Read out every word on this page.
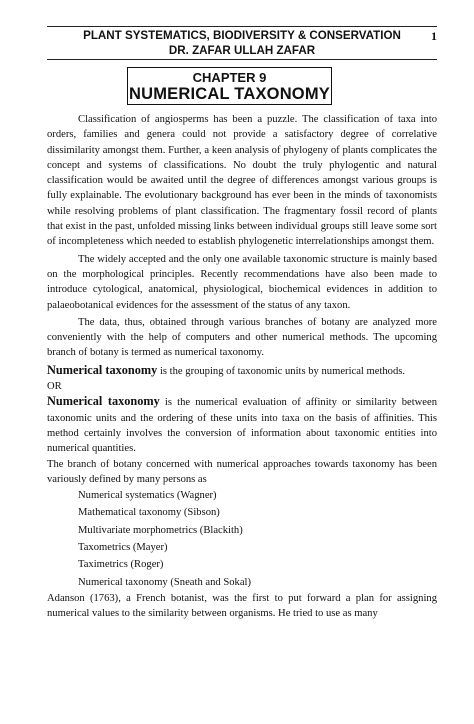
PLANT SYSTEMATICS, BIODIVERSITY & CONSERVATION
DR. ZAFAR ULLAH ZAFAR
1
CHAPTER 9
NUMERICAL TAXONOMY

Classification of angiosperms has been a puzzle. The classification of taxa into orders, families and genera could not provide a satisfactory degree of correlative dissimilarity amongst them. Further, a keen analysis of phylogeny of plants complicates the concept and systems of classifications. No doubt the truly phylogentic and natural classification would be awaited until the degree of differences amongst various groups is fully explainable. The evolutionary background has ever been in the minds of taxonomists while resolving problems of plant classification. The fragmentary fossil record of plants that exist in the past, unfolded missing links between individual groups still leave some sort of incompleteness which needed to establish phylogenetic interrelationships amongst them.

The widely accepted and the only one available taxonomic structure is mainly based on the morphological principles. Recently recommendations have also been made to introduce cytological, anatomical, physiological, biochemical evidences in addition to palaeobotanical evidences for the assessment of the status of any taxon.

The data, thus, obtained through various branches of botany are analyzed more conveniently with the help of computers and other numerical methods. The upcoming branch of botany is termed as numerical taxonomy.

Numerical taxonomy is the grouping of taxonomic units by numerical methods.

OR

Numerical taxonomy is the numerical evaluation of affinity or similarity between taxonomic units and the ordering of these units into taxa on the basis of affinities. This method certainly involves the conversion of information about taxonomic entities into numerical quantities.

The branch of botany concerned with numerical approaches towards taxonomy has been variously defined by many persons as

Numerical systematics (Wagner)
Mathematical taxonomy (Sibson)
Multivariate morphometrics (Blackith)
Taxometrics (Mayer)
Taximetrics (Roger)
Numerical taxonomy (Sneath and Sokal)

Adanson (1763), a French botanist, was the first to put forward a plan for assigning numerical values to the similarity between organisms. He tried to use as many
